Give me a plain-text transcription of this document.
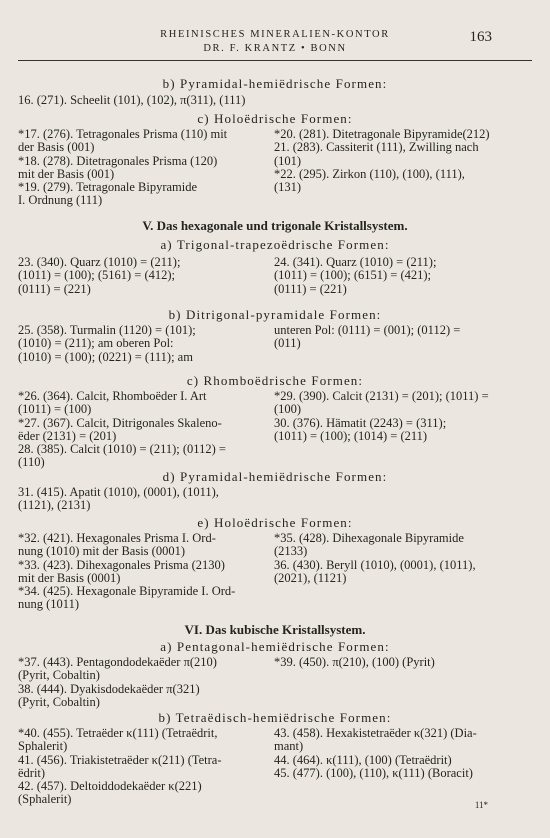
RHEINISCHES MINERALIEN-KONTOR
DR. F. KRANTZ • BONN
163
b) Pyramidal-hemiëdrische Formen:
16. (271). Scheelit (101), (102), π(311), (111)
c) Holoëdrische Formen:
*17. (276). Tetragonales Prisma (110) mit
der Basis (001)
*18. (278). Ditetragonales Prisma (120)
mit der Basis (001)
*19. (279). Tetragonale Bipyramide
I. Ordnung (111)
*20. (281). Ditetragonale Bipyramide(212)
21. (283). Cassiterit (111), Zwilling nach
(101)
*22. (295). Zirkon (110), (100), (111),
(131)
V. Das hexagonale und trigonale Kristallsystem.
a) Trigonal-trapezoëdrische Formen:
23. (340). Quarz (1010) = (211);
(1011) = (100); (5161) = (412);
(0111) = (221)
24. (341). Quarz (1010) = (211);
(1011) = (100); (6151) = (421);
(0111) = (221)
b) Ditrigonal-pyramidale Formen:
25. (358). Turmalin (1120) = (101);
(1010) = (211); am oberen Pol:
(1010) = (100); (0221) = (111); am
unteren Pol: (0111) = (001); (0112) =
(011)
c) Rhomboëdrische Formen:
*26. (364). Calcit, Rhomboëder I. Art
(1011) = (100)
*27. (367). Calcit, Ditrigonales Skaleno-
ëder (2131) = (201)
28. (385). Calcit (1010) = (211); (0112) =
(110)
*29. (390). Calcit (2131) = (201); (1011) =
(100)
30. (376). Hämatit (2243) = (311);
(1011) = (100); (1014) = (211)
d) Pyramidal-hemiëdrische Formen:
31. (415). Apatit (1010), (0001), (1011),
(1121), (2131)
e) Holoëdrische Formen:
*32. (421). Hexagonales Prisma I. Ord-
nung (1010) mit der Basis (0001)
*33. (423). Dihexagonales Prisma (2130)
mit der Basis (0001)
*34. (425). Hexagonale Bipyramide I. Ord-
nung (1011)
*35. (428). Dihexagonale Bipyramide
(2133)
36. (430). Beryll (1010), (0001), (1011),
(2021), (1121)
VI. Das kubische Kristallsystem.
a) Pentagonal-hemiëdrische Formen:
*37. (443). Pentagondodekaëder π(210)
(Pyrit, Cobaltin)
38. (444). Dyakisdodekaëder π(321)
(Pyrit, Cobaltin)
*39. (450). π(210), (100) (Pyrit)
b) Tetraëdisch-hemiëdrische Formen:
*40. (455). Tetraëder κ(111) (Tetraëdrit,
Sphalerit)
41. (456). Triakistetraëder κ(211) (Tetra-
ëdrit)
42. (457). Deltoiddodekaëder κ(221)
(Sphalerit)
43. (458). Hexakistetraëder κ(321) (Dia-
mant)
44. (464). κ(111), (100) (Tetraëdrit)
45. (477). (100), (110), κ(111) (Boracit)
11*
